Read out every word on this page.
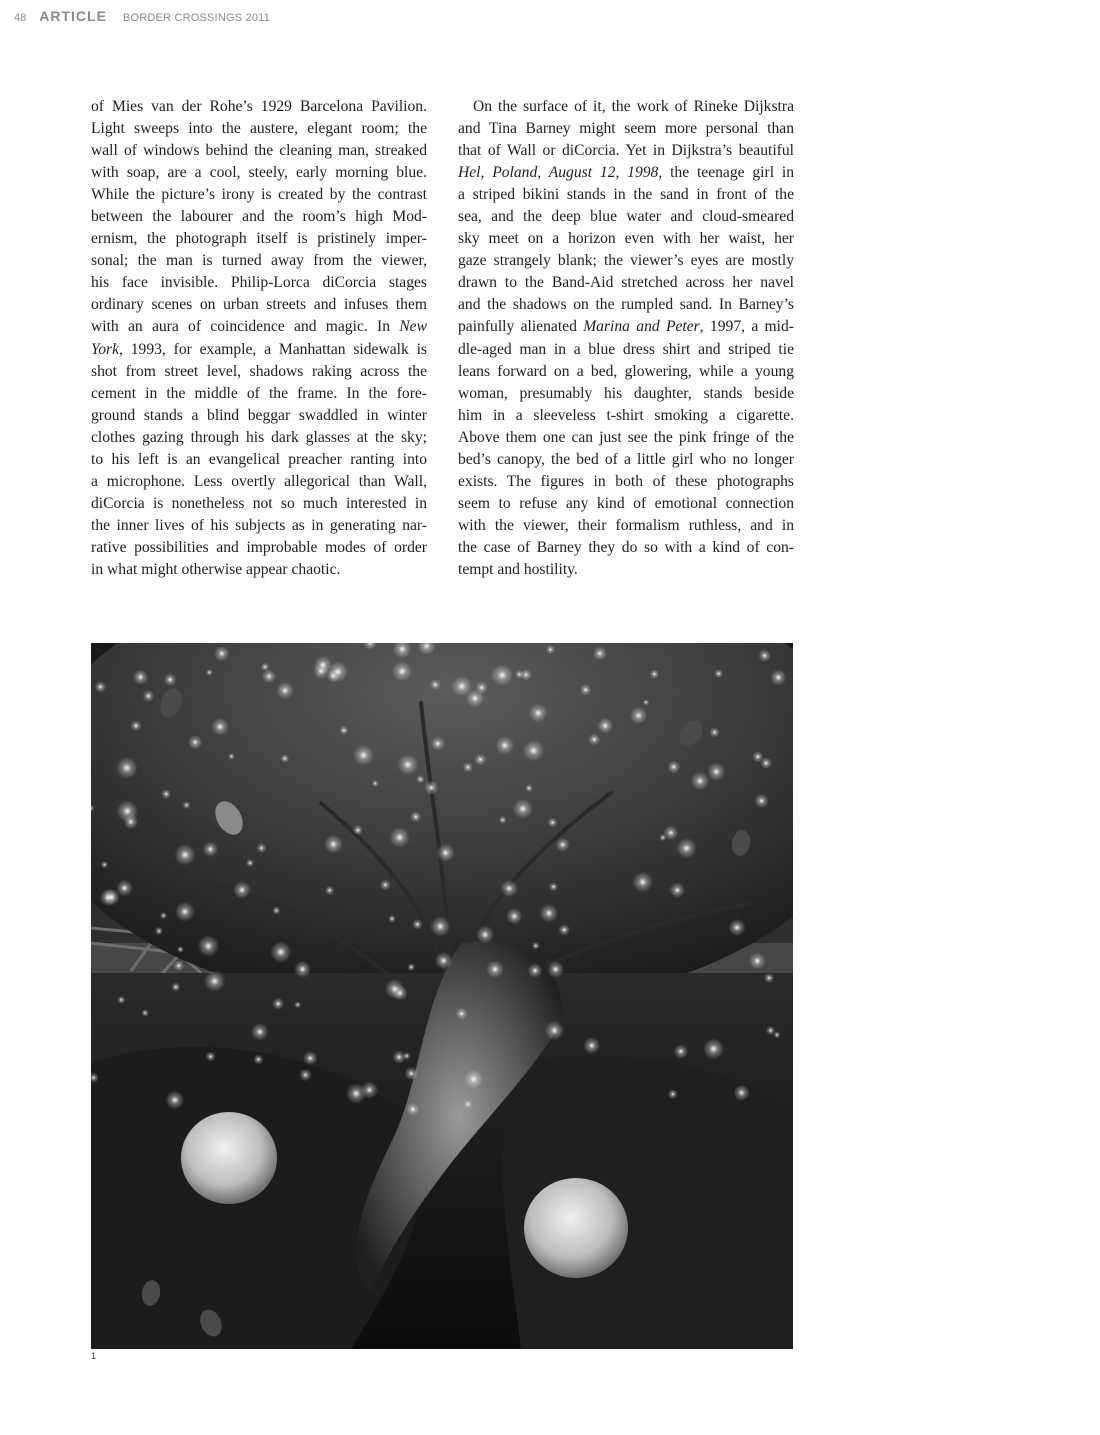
48 ARTICLE BORDER CROSSINGS 2011

of Mies van der Rohe’s 1929 Barcelona Pavilion.
Light sweeps into the austere, elegant room; the
wall of windows behind the cleaning man, streaked
with soap, are a cool, steely, early morning blue.
While the picture’s irony is created by the contrast
between the labourer and the room’s high Mod-
ernism, the photograph itself is pristinely imper-
sonal; the man is turned away from the viewer,
his face invisible. Philip-Lorca diCorcia stages
ordinary scenes on urban streets and infuses them
with an aura of coincidence and magic. In New
York, 1993, for example, a Manhattan sidewalk is
shot from street level, shadows raking across the
cement in the middle of the frame. In the fore-
ground stands a blind beggar swaddled in winter
clothes gazing through his dark glasses at the sky;
to his left is an evangelical preacher ranting into
a microphone. Less overtly allegorical than Wall,
diCorcia is nonetheless not so much interested in
the inner lives of his subjects as in generating nar-
rative possibilities and improbable modes of order
in what might otherwise appear chaotic.

On the surface of it, the work of Rineke Dijkstra
and Tina Barney might seem more personal than
that of Wall or diCorcia. Yet in Dijkstra’s beautiful
Hel, Poland, August 12, 1998, the teenage girl in
a striped bikini stands in the sand in front of the
sea, and the deep blue water and cloud-smeared
sky meet on a horizon even with her waist, her
gaze strangely blank; the viewer’s eyes are mostly
drawn to the Band-Aid stretched across her navel
and the shadows on the rumpled sand. In Barney’s
painfully alienated Marina and Peter, 1997, a mid-
dle-aged man in a blue dress shirt and striped tie
leans forward on a bed, glowering, while a young
woman, presumably his daughter, stands beside
him in a sleeveless t-shirt smoking a cigarette.
Above them one can just see the pink fringe of the
bed’s canopy, the bed of a little girl who no longer
exists. The figures in both of these photographs
seem to refuse any kind of emotional connection
with the viewer, their formalism ruthless, and in
the case of Barney they do so with a kind of con-
tempt and hostility.

1
